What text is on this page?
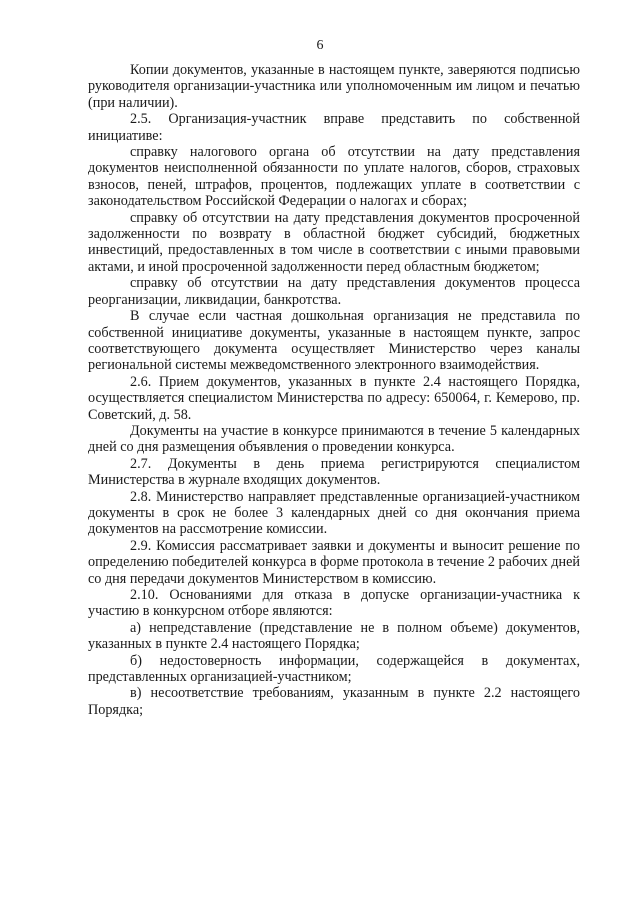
6

Копии документов, указанные в настоящем пункте, заверяются подписью руководителя организации-участника или уполномоченным им лицом и печатью (при наличии).

2.5. Организация-участник вправе представить по собственной инициативе:

справку налогового органа об отсутствии на дату представления документов неисполненной обязанности по уплате налогов, сборов, страховых взносов, пеней, штрафов, процентов, подлежащих уплате в соответствии с законодательством Российской Федерации о налогах и сборах;

справку об отсутствии на дату представления документов просроченной задолженности по возврату в областной бюджет субсидий, бюджетных инвестиций, предоставленных в том числе в соответствии с иными правовыми актами, и иной просроченной задолженности перед областным бюджетом;

справку об отсутствии на дату представления документов процесса реорганизации, ликвидации, банкротства.

В случае если частная дошкольная организация не представила по собственной инициативе документы, указанные в настоящем пункте, запрос соответствующего документа осуществляет Министерство через каналы региональной системы межведомственного электронного взаимодействия.

2.6. Прием документов, указанных в пункте 2.4 настоящего Порядка, осуществляется специалистом Министерства по адресу: 650064, г. Кемерово, пр. Советский, д. 58.

Документы на участие в конкурсе принимаются в течение 5 календарных дней со дня размещения объявления о проведении конкурса.

2.7. Документы в день приема регистрируются специалистом Министерства в журнале входящих документов.

2.8. Министерство направляет представленные организацией-участником документы в срок не более 3 календарных дней со дня окончания приема документов на рассмотрение комиссии.

2.9. Комиссия рассматривает заявки и документы и выносит решение по определению победителей конкурса в форме протокола в течение 2 рабочих дней со дня передачи документов Министерством в комиссию.

2.10. Основаниями для отказа в допуске организации-участника к участию в конкурсном отборе являются:

а) непредставление (представление не в полном объеме) документов, указанных в пункте 2.4 настоящего Порядка;

б) недостоверность информации, содержащейся в документах, представленных организацией-участником;

в) несоответствие требованиям, указанным в пункте 2.2 настоящего Порядка;
